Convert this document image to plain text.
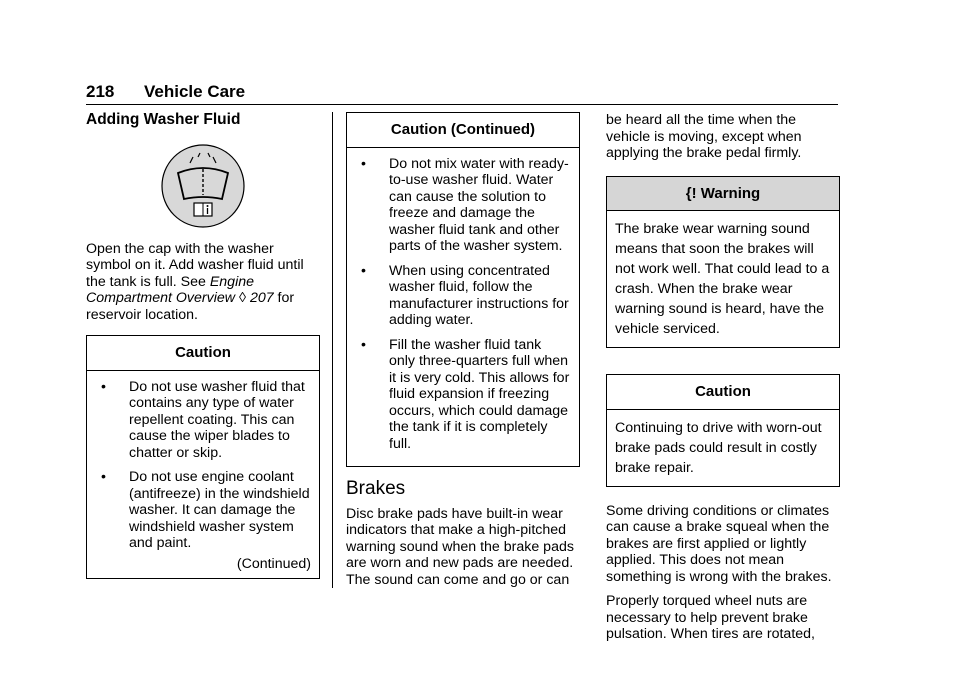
218 Vehicle Care
Adding Washer Fluid

Open the cap with the washer symbol on it. Add washer fluid until the tank is full. See Engine Compartment Overview ◊ 207 for reservoir location.

Caution
•	Do not use washer fluid that contains any type of water repellent coating. This can cause the wiper blades to chatter or skip.
•	Do not use engine coolant (antifreeze) in the windshield washer. It can damage the windshield washer system and paint.
(Continued)
Caution (Continued)
•	Do not mix water with ready-to-use washer fluid. Water can cause the solution to freeze and damage the washer fluid tank and other parts of the washer system.
•	When using concentrated washer fluid, follow the manufacturer instructions for adding water.
•	Fill the washer fluid tank only three-quarters full when it is very cold. This allows for fluid expansion if freezing occurs, which could damage the tank if it is completely full.
Brakes

Disc brake pads have built-in wear indicators that make a high-pitched warning sound when the brake pads are worn and new pads are needed. The sound can come and go or can

be heard all the time when the vehicle is moving, except when applying the brake pedal firmly.

{! Warning
The brake wear warning sound means that soon the brakes will not work well. That could lead to a crash. When the brake wear warning sound is heard, have the vehicle serviced.
Caution
Continuing to drive with worn-out brake pads could result in costly brake repair.

Some driving conditions or climates can cause a brake squeal when the brakes are first applied or lightly applied. This does not mean something is wrong with the brakes.

Properly torqued wheel nuts are necessary to help prevent brake pulsation. When tires are rotated,
